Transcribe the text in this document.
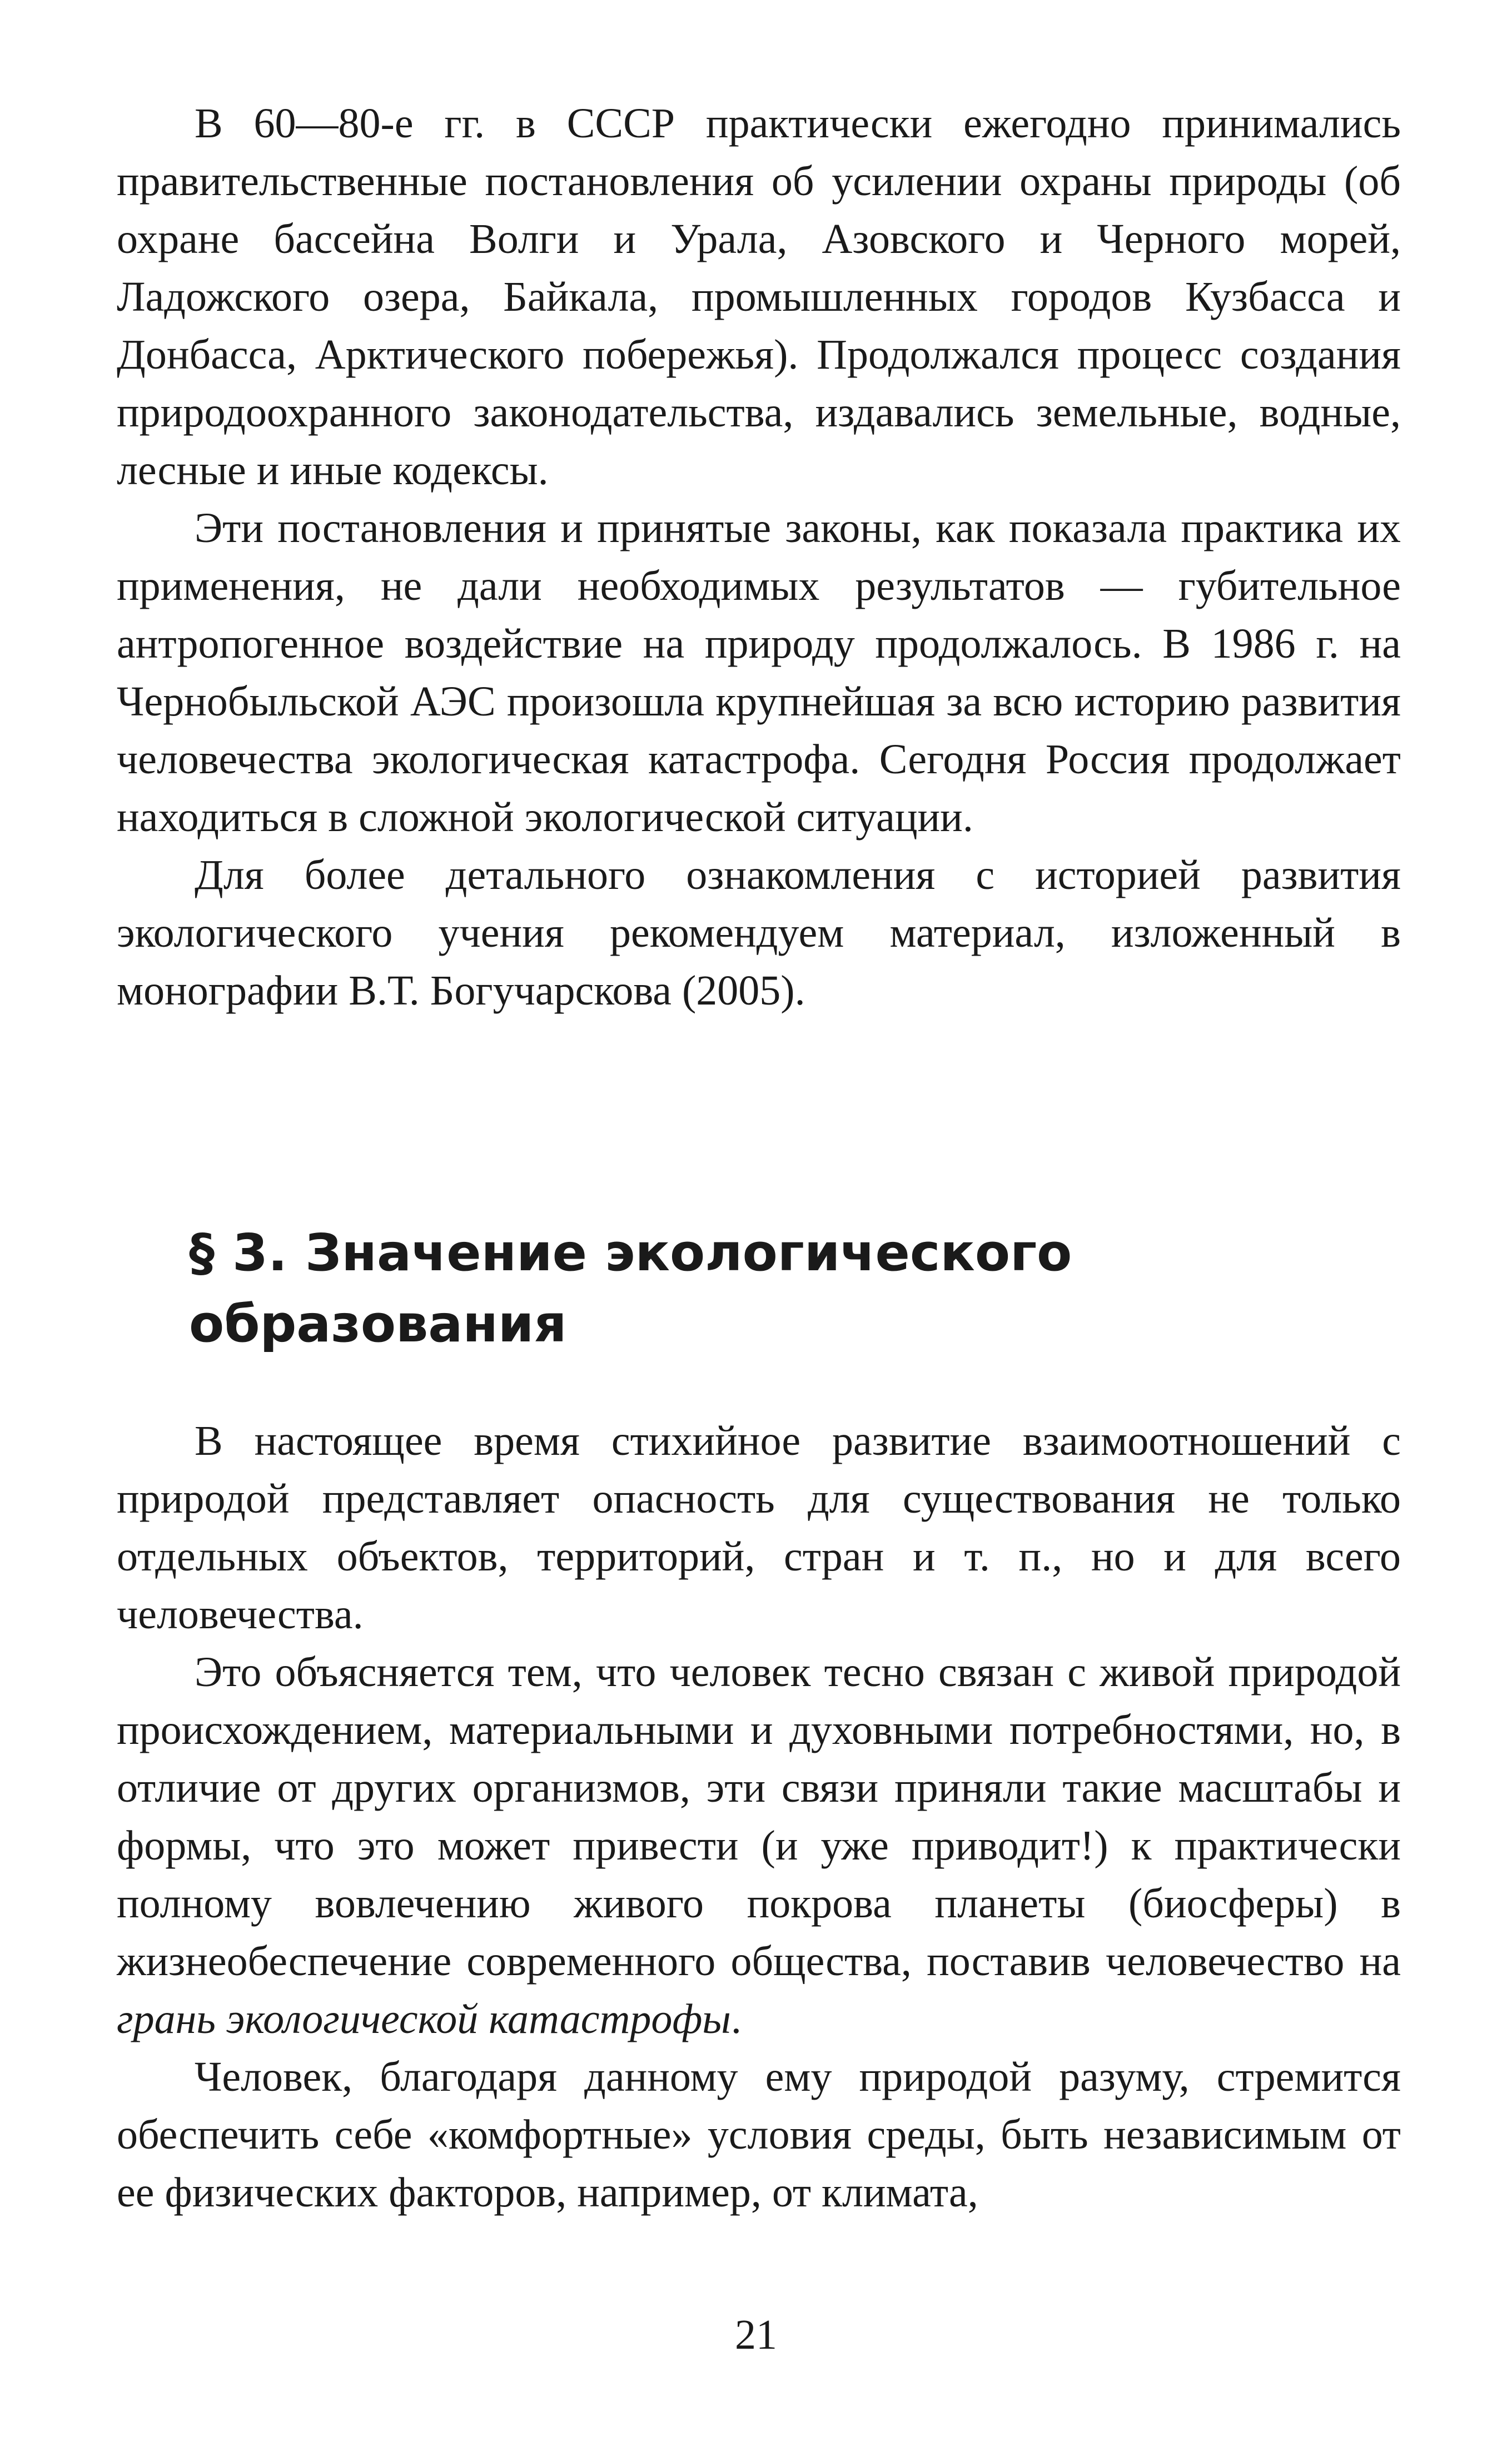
В 60—80-е гг. в СССР практически ежегодно принимались правительственные постановления об усилении охраны природы (об охране бассейна Волги и Урала, Азовского и Черного морей, Ладожского озера, Байкала, промышленных городов Кузбасса и Донбасса, Арктического побережья). Продолжался процесс создания природоохранного законодательства, издавались земельные, водные, лесные и иные кодексы.

Эти постановления и принятые законы, как показала практика их применения, не дали необходимых результатов — губительное антропогенное воздействие на природу продолжалось. В 1986 г. на Чернобыльской АЭС произошла крупнейшая за всю историю развития человечества экологическая катастрофа. Сегодня Россия продолжает находиться в сложной экологической ситуации.

Для более детального ознакомления с историей развития экологического учения рекомендуем материал, изложенный в монографии В.Т. Богучарскова (2005).

§ 3. Значение экологического
образования

В настоящее время стихийное развитие взаимоотношений с природой представляет опасность для существования не только отдельных объектов, территорий, стран и т. п., но и для всего человечества.

Это объясняется тем, что человек тесно связан с живой природой происхождением, материальными и духовными потребностями, но, в отличие от других организмов, эти связи приняли такие масштабы и формы, что это может привести (и уже приводит!) к практически полному вовлечению живого покрова планеты (биосферы) в жизнеобеспечение современного общества, поставив человечество на грань экологической катастрофы.

Человек, благодаря данному ему природой разуму, стремится обеспечить себе «комфортные» условия среды, быть независимым от ее физических факторов, например, от климата,

21
